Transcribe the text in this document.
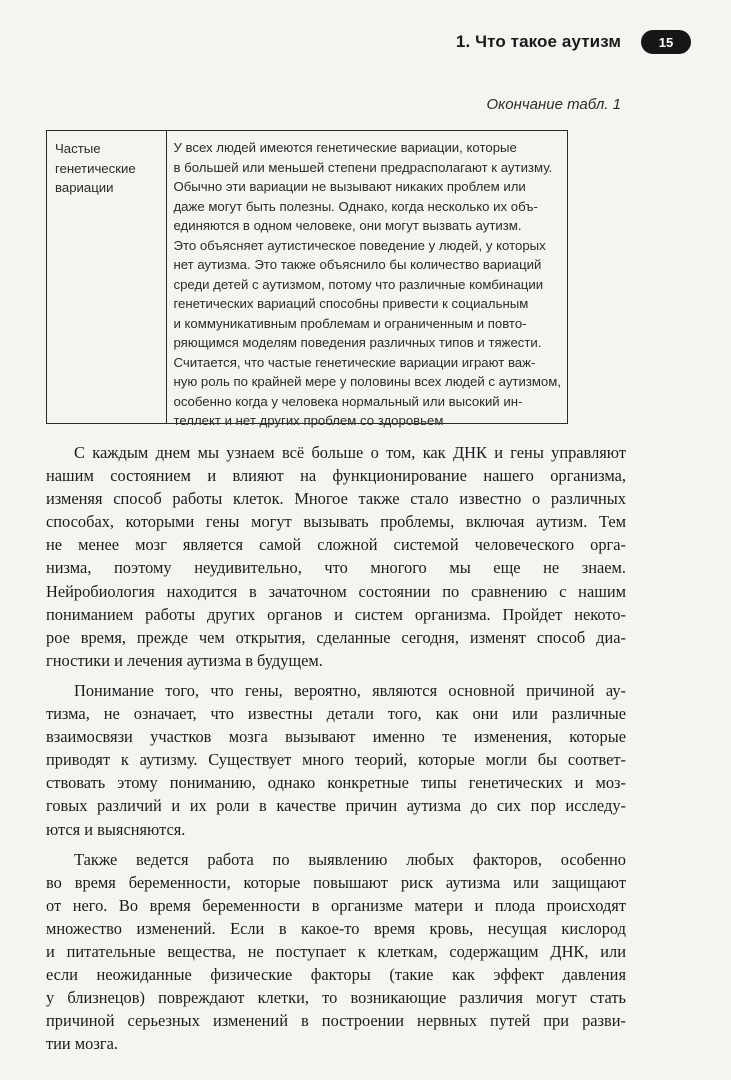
1. Что такое аутизм	15
Окончание табл. 1
Частые
генетические
вариации
У всех людей имеются генетические вариации, которые
в большей или меньшей степени предрасполагают к аутизму.
Обычно эти вариации не вызывают никаких проблем или
даже могут быть полезны. Однако, когда несколько их объ-
единяются в одном человеке, они могут вызвать аутизм.
Это объясняет аутистическое поведение у людей, у которых
нет аутизма. Это также объяснило бы количество вариаций
среди детей с аутизмом, потому что различные комбинации
генетических вариаций способны привести к социальным
и коммуникативным проблемам и ограниченным и повто-
ряющимся моделям поведения различных типов и тяжести.
Считается, что частые генетические вариации играют важ-
ную роль по крайней мере у половины всех людей с аутизмом,
особенно когда у человека нормальный или высокий ин-
теллект и нет других проблем со здоровьем
С каждым днем мы узнаем всё больше о том, как ДНК и гены управляют
нашим состоянием и влияют на функционирование нашего организма,
изменяя способ работы клеток. Многое также стало известно о различных
способах, которыми гены могут вызывать проблемы, включая аутизм. Тем
не менее мозг является самой сложной системой человеческого орга-
низма, поэтому неудивительно, что многого мы еще не знаем.
Нейробиология находится в зачаточном состоянии по сравнению с нашим
пониманием работы других органов и систем организма. Пройдет некото-
рое время, прежде чем открытия, сделанные сегодня, изменят способ диа-
гностики и лечения аутизма в будущем.
Понимание того, что гены, вероятно, являются основной причиной ау-
тизма, не означает, что известны детали того, как они или различные
взаимосвязи участков мозга вызывают именно те изменения, которые
приводят к аутизму. Существует много теорий, которые могли бы соответ-
ствовать этому пониманию, однако конкретные типы генетических и моз-
говых различий и их роли в качестве причин аутизма до сих пор исследу-
ются и выясняются.
Также ведется работа по выявлению любых факторов, особенно
во время беременности, которые повышают риск аутизма или защищают
от него. Во время беременности в организме матери и плода происходят
множество изменений. Если в какое-то время кровь, несущая кислород
и питательные вещества, не поступает к клеткам, содержащим ДНК, или
если неожиданные физические факторы (такие как эффект давления
у близнецов) повреждают клетки, то возникающие различия могут стать
причиной серьезных изменений в построении нервных путей при разви-
тии мозга.
